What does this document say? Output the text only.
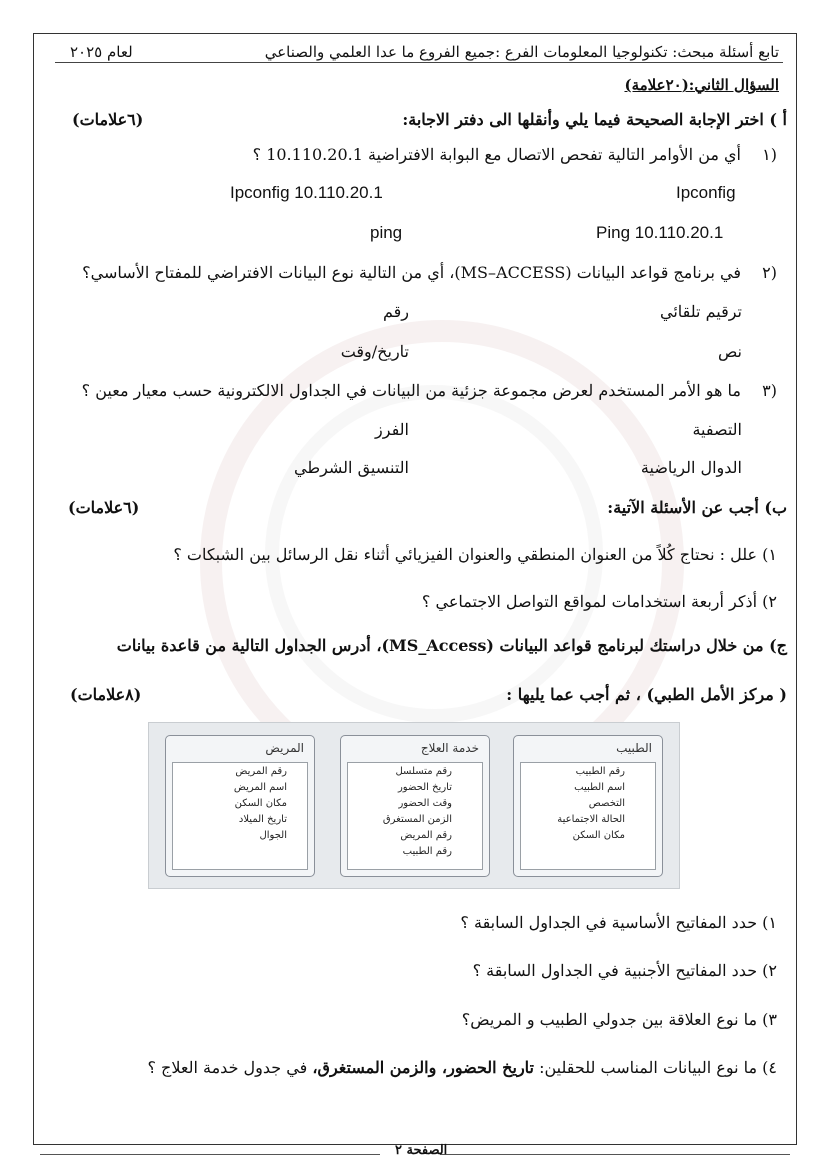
تابع أسئلة مبحث: تكنولوجيا المعلومات الفرع :جميع الفروع ما عدا العلمي والصناعي
لعام ٢٠٢٥
السؤال الثاني:(٢٠علامة)
أ ) اختر الإجابة الصحيحة فيما يلي وأنقلها الى دفتر الاجابة:
(٦علامات)
١)
أي من الأوامر التالية تفحص الاتصال مع البوابة الافتراضية 10.110.20.1 ؟
Ipconfig
Ipconfig 10.110.20.1
Ping 10.110.20.1
ping
٢)
في برنامج قواعد البيانات (MS–ACCESS)، أي من التالية نوع البيانات الافتراضي للمفتاح الأساسي؟
ترقيم تلقائي
رقم
نص
تاريخ/وقت
٣)
ما هو الأمر المستخدم لعرض مجموعة جزئية من البيانات في الجداول الالكترونية حسب معيار معين ؟
التصفية
الفرز
الدوال الرياضية
التنسيق الشرطي
ب) أجب عن الأسئلة الآتية:
(٦علامات)
١) علل : نحتاج كُلاً من العنوان المنطقي والعنوان الفيزيائي أثناء نقل الرسائل بين الشبكات ؟
٢) أذكر أربعة استخدامات لمواقع التواصل الاجتماعي ؟
ج) من خلال دراستك لبرنامج قواعد البيانات (MS_Access)، أدرس الجداول التالية من قاعدة بيانات
( مركز الأمل الطبي) ، ثم أجب عما يليها :
(٨علامات)
المريض
رقم المريض
اسم المريض
مكان السكن
تاريخ الميلاد
الجوال
خدمة العلاج
رقم متسلسل
تاريخ الحضور
وقت الحضور
الزمن المستغرق
رقم المريض
رقم الطبيب
الطبيب
رقم الطبيب
اسم الطبيب
التخصص
الحالة الاجتماعية
مكان السكن
١) حدد المفاتيح الأساسية في الجداول السابقة ؟
٢) حدد المفاتيح الأجنبية في الجداول السابقة ؟
٣) ما نوع العلاقة بين جدولي الطبيب و المريض؟
٤) ما نوع البيانات المناسب للحقلين: تاريخ الحضور، والزمن المستغرق، في جدول خدمة العلاج ؟
الصفحة ٢
